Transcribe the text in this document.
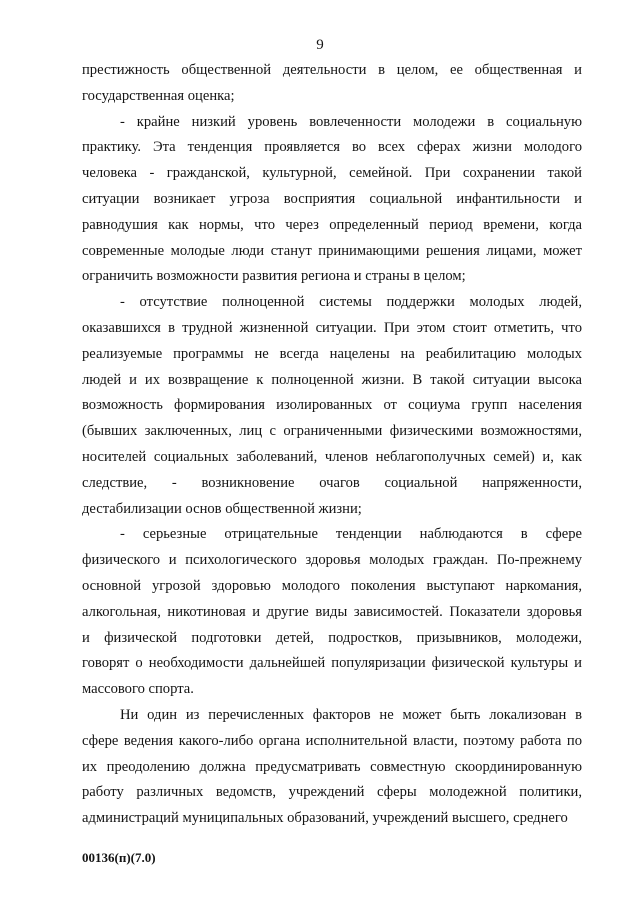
9
престижность общественной деятельности в целом, ее общественная и
государственная оценка;
- крайне низкий уровень вовлеченности молодежи в социальную
практику. Эта тенденция проявляется во всех сферах жизни молодого
человека - гражданской, культурной, семейной. При сохранении такой
ситуации возникает угроза восприятия социальной инфантильности и
равнодушия как нормы, что через определенный период времени, когда
современные молодые люди станут принимающими решения лицами, может
ограничить возможности развития региона и страны в целом;
- отсутствие полноценной системы поддержки молодых людей,
оказавшихся в трудной жизненной ситуации. При этом стоит отметить, что
реализуемые программы не всегда нацелены на реабилитацию молодых
людей и их возвращение к полноценной жизни. В такой ситуации высока
возможность формирования изолированных от социума групп населения
(бывших заключенных, лиц с ограниченными физическими возможностями,
носителей социальных заболеваний, членов неблагополучных семей) и, как
следствие, - возникновение очагов социальной напряженности,
дестабилизации основ общественной жизни;
- серьезные отрицательные тенденции наблюдаются в сфере
физического и психологического здоровья молодых граждан. По-прежнему
основной угрозой здоровью молодого поколения выступают наркомания,
алкогольная, никотиновая и другие виды зависимостей. Показатели здоровья
и физической подготовки детей, подростков, призывников, молодежи,
говорят о необходимости дальнейшей популяризации физической культуры и
массового спорта.
Ни один из перечисленных факторов не может быть локализован в
сфере ведения какого-либо органа исполнительной власти, поэтому работа по
их преодолению должна предусматривать совместную скоординированную
работу различных ведомств, учреждений сферы молодежной политики,
администраций муниципальных образований, учреждений высшего, среднего
00136(п)(7.0)
